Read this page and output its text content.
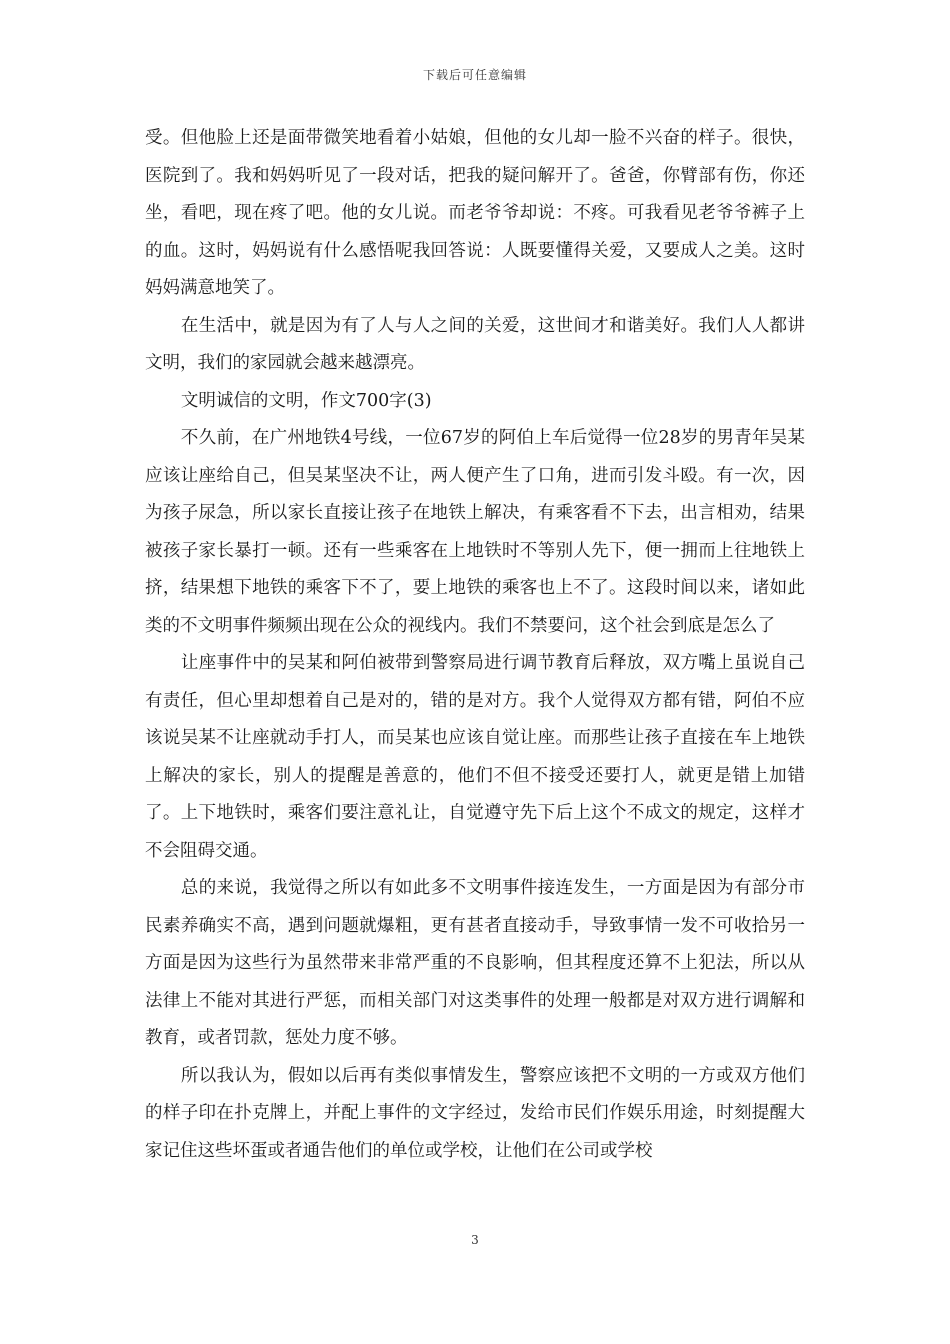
下载后可任意编辑

受。但他脸上还是面带微笑地看着小姑娘，但他的女儿却一脸不兴奋的样子。很快，医院到了。我和妈妈听见了一段对话，把我的疑问解开了。爸爸，你臂部有伤，你还坐，看吧，现在疼了吧。他的女儿说。而老爷爷却说：不疼。可我看见老爷爷裤子上的血。这时，妈妈说有什么感悟呢我回答说：人既要懂得关爱，又要成人之美。这时妈妈满意地笑了。

在生活中，就是因为有了人与人之间的关爱，这世间才和谐美好。我们人人都讲文明，我们的家园就会越来越漂亮。

文明诚信的文明，作文700字(3)

不久前，在广州地铁4号线，一位67岁的阿伯上车后觉得一位28岁的男青年吴某应该让座给自己，但吴某坚决不让，两人便产生了口角，进而引发斗殴。有一次，因为孩子尿急，所以家长直接让孩子在地铁上解决，有乘客看不下去，出言相劝，结果被孩子家长暴打一顿。还有一些乘客在上地铁时不等别人先下，便一拥而上往地铁上挤，结果想下地铁的乘客下不了，要上地铁的乘客也上不了。这段时间以来，诸如此类的不文明事件频频出现在公众的视线内。我们不禁要问，这个社会到底是怎么了

让座事件中的吴某和阿伯被带到警察局进行调节教育后释放，双方嘴上虽说自己有责任，但心里却想着自己是对的，错的是对方。我个人觉得双方都有错，阿伯不应该说吴某不让座就动手打人，而吴某也应该自觉让座。而那些让孩子直接在车上地铁上解决的家长，别人的提醒是善意的，他们不但不接受还要打人，就更是错上加错了。上下地铁时，乘客们要注意礼让，自觉遵守先下后上这个不成文的规定，这样才不会阻碍交通。

总的来说，我觉得之所以有如此多不文明事件接连发生，一方面是因为有部分市民素养确实不高，遇到问题就爆粗，更有甚者直接动手，导致事情一发不可收拾另一方面是因为这些行为虽然带来非常严重的不良影响，但其程度还算不上犯法，所以从法律上不能对其进行严惩，而相关部门对这类事件的处理一般都是对双方进行调解和教育，或者罚款，惩处力度不够。

所以我认为，假如以后再有类似事情发生，警察应该把不文明的一方或双方他们的样子印在扑克牌上，并配上事件的文字经过，发给市民们作娱乐用途，时刻提醒大家记住这些坏蛋或者通告他们的单位或学校，让他们在公司或学校

3
